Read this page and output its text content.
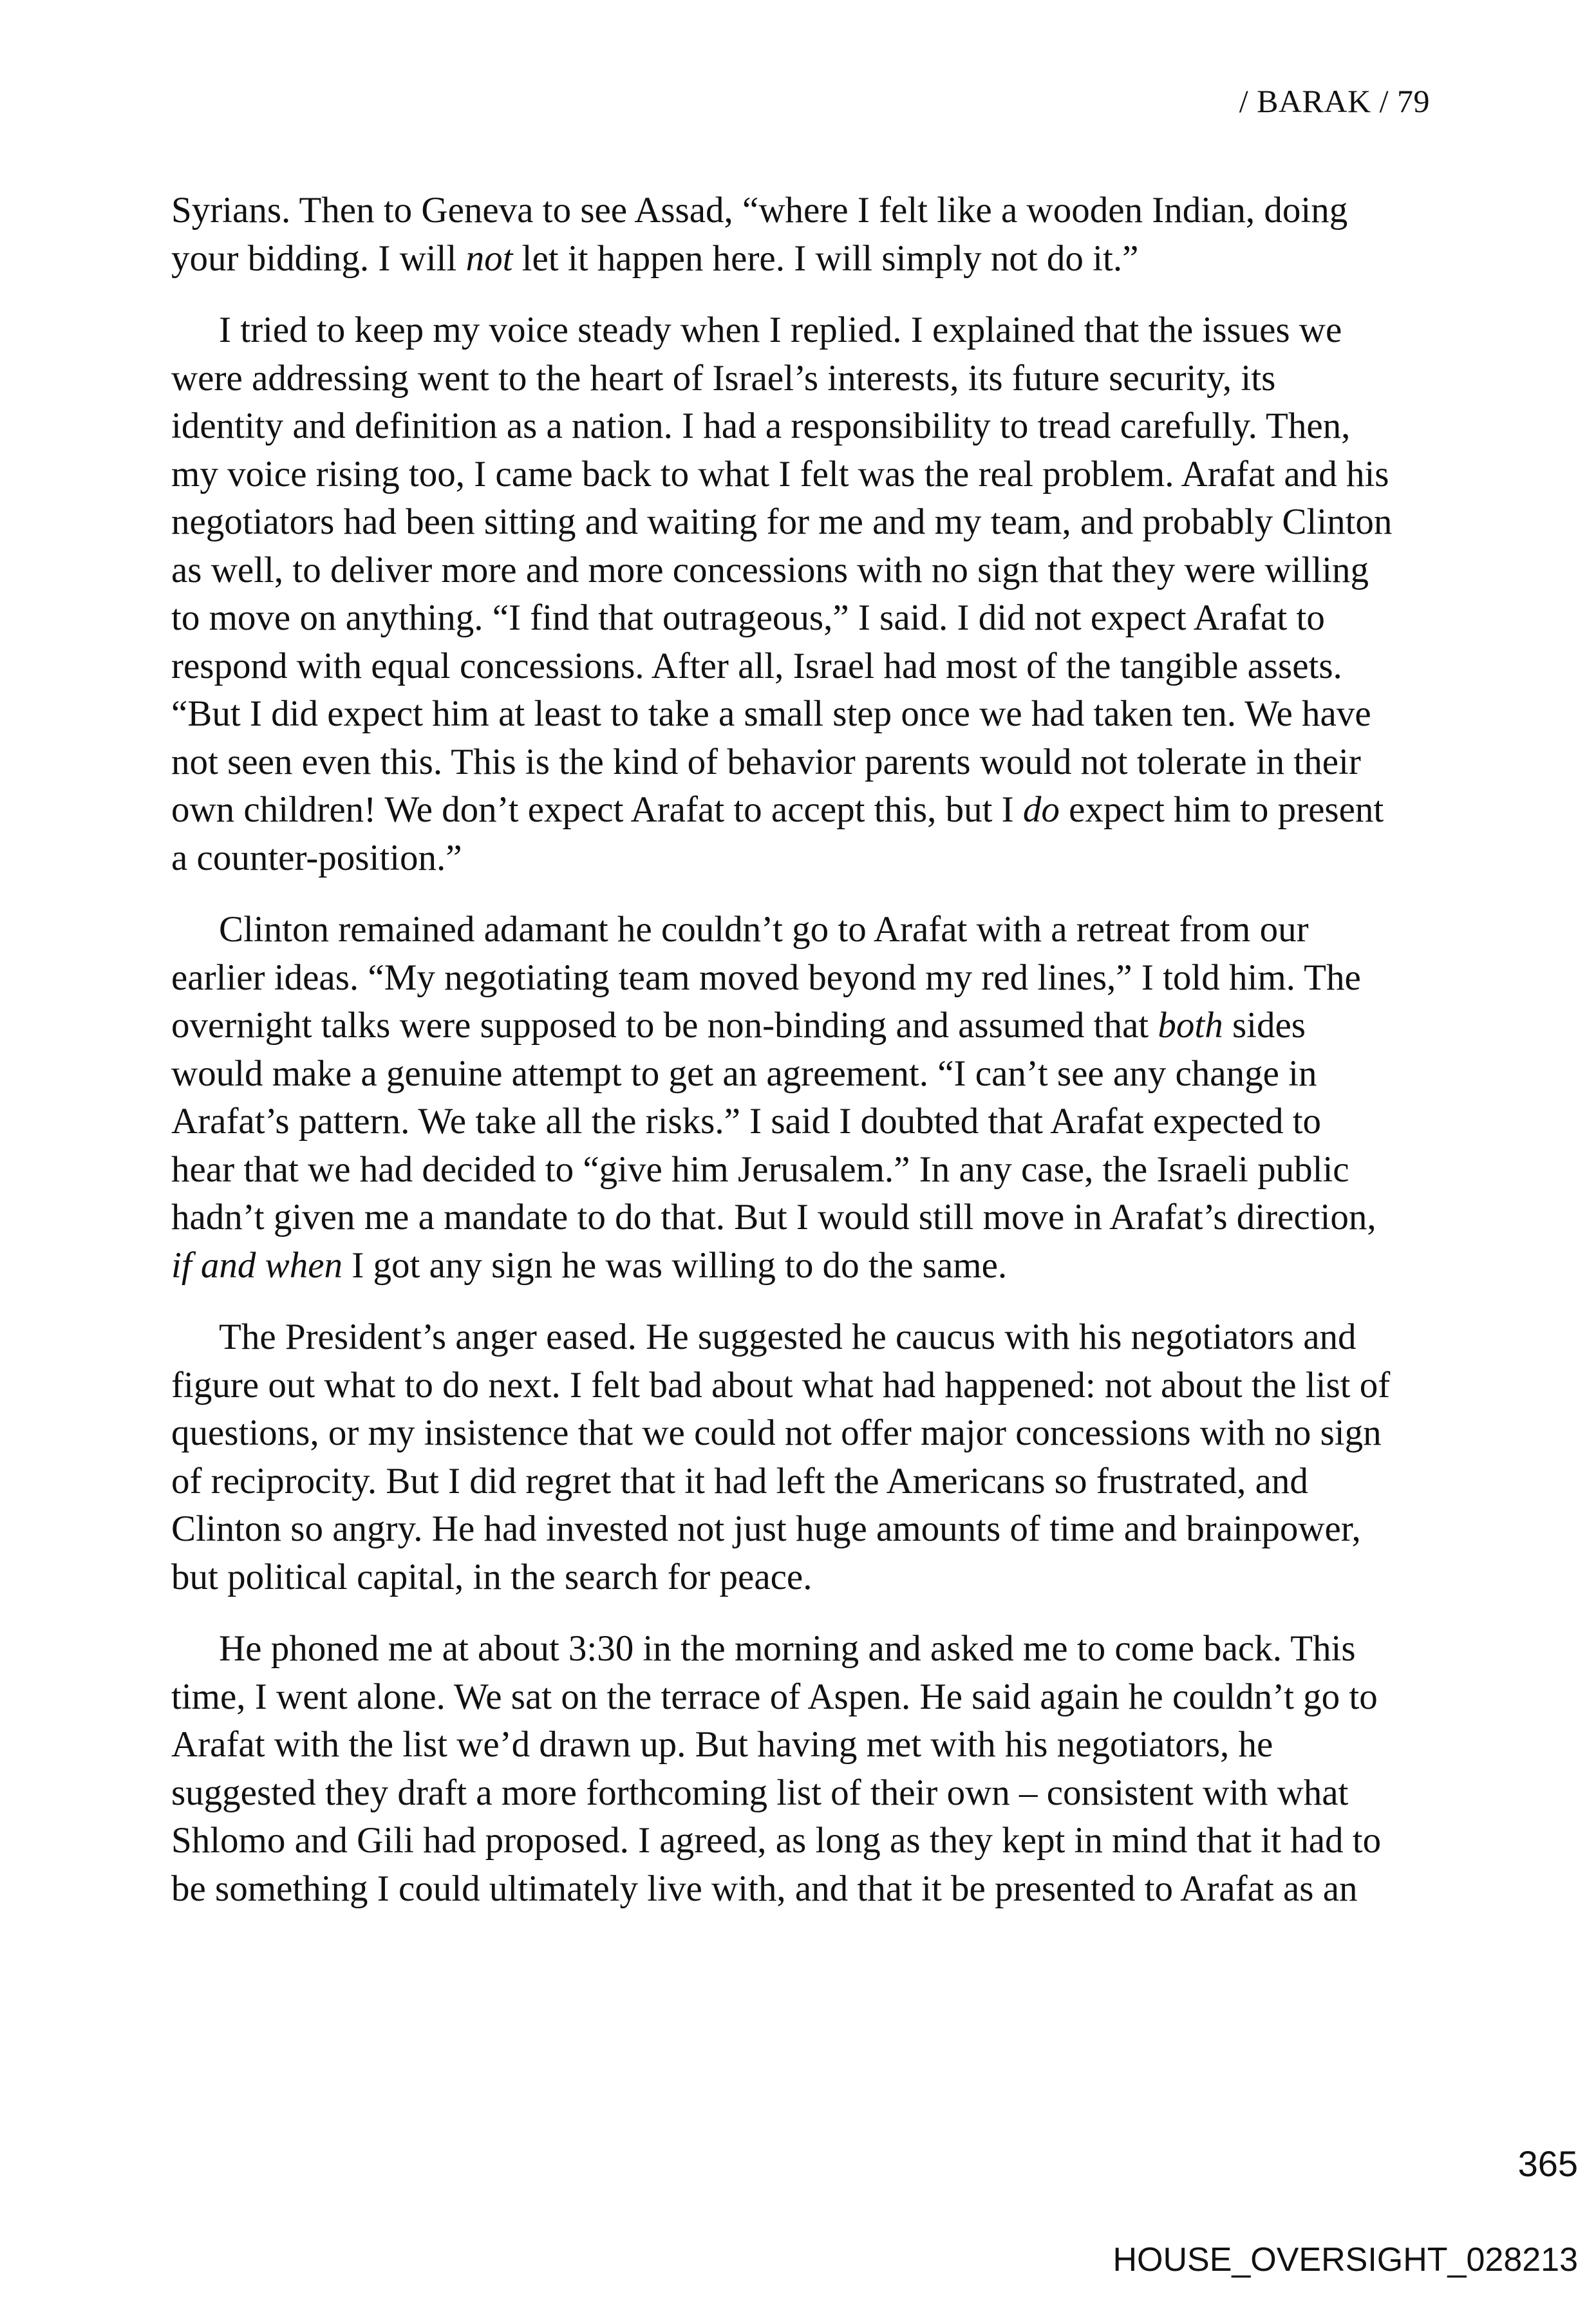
/ BARAK / 79
Syrians. Then to Geneva to see Assad, “where I felt like a wooden Indian, doing
your bidding. I will not let it happen here. I will simply not do it.”
I tried to keep my voice steady when I replied. I explained that the issues we
were addressing went to the heart of Israel’s interests, its future security, its
identity and definition as a nation. I had a responsibility to tread carefully. Then,
my voice rising too, I came back to what I felt was the real problem. Arafat and his
negotiators had been sitting and waiting for me and my team, and probably Clinton
as well, to deliver more and more concessions with no sign that they were willing
to move on anything. “I find that outrageous,” I said. I did not expect Arafat to
respond with equal concessions. After all, Israel had most of the tangible assets.
“But I did expect him at least to take a small step once we had taken ten. We have
not seen even this. This is the kind of behavior parents would not tolerate in their
own children! We don’t expect Arafat to accept this, but I do expect him to present
a counter-position.”
Clinton remained adamant he couldn’t go to Arafat with a retreat from our
earlier ideas. “My negotiating team moved beyond my red lines,” I told him. The
overnight talks were supposed to be non-binding and assumed that both sides
would make a genuine attempt to get an agreement. “I can’t see any change in
Arafat’s pattern. We take all the risks.” I said I doubted that Arafat expected to
hear that we had decided to “give him Jerusalem.” In any case, the Israeli public
hadn’t given me a mandate to do that. But I would still move in Arafat’s direction,
if and when I got any sign he was willing to do the same.
The President’s anger eased. He suggested he caucus with his negotiators and
figure out what to do next. I felt bad about what had happened: not about the list of
questions, or my insistence that we could not offer major concessions with no sign
of reciprocity. But I did regret that it had left the Americans so frustrated, and
Clinton so angry. He had invested not just huge amounts of time and brainpower,
but political capital, in the search for peace.
He phoned me at about 3:30 in the morning and asked me to come back. This
time, I went alone. We sat on the terrace of Aspen. He said again he couldn’t go to
Arafat with the list we’d drawn up. But having met with his negotiators, he
suggested they draft a more forthcoming list of their own – consistent with what
Shlomo and Gili had proposed. I agreed, as long as they kept in mind that it had to
be something I could ultimately live with, and that it be presented to Arafat as an
365
HOUSE_OVERSIGHT_028213
